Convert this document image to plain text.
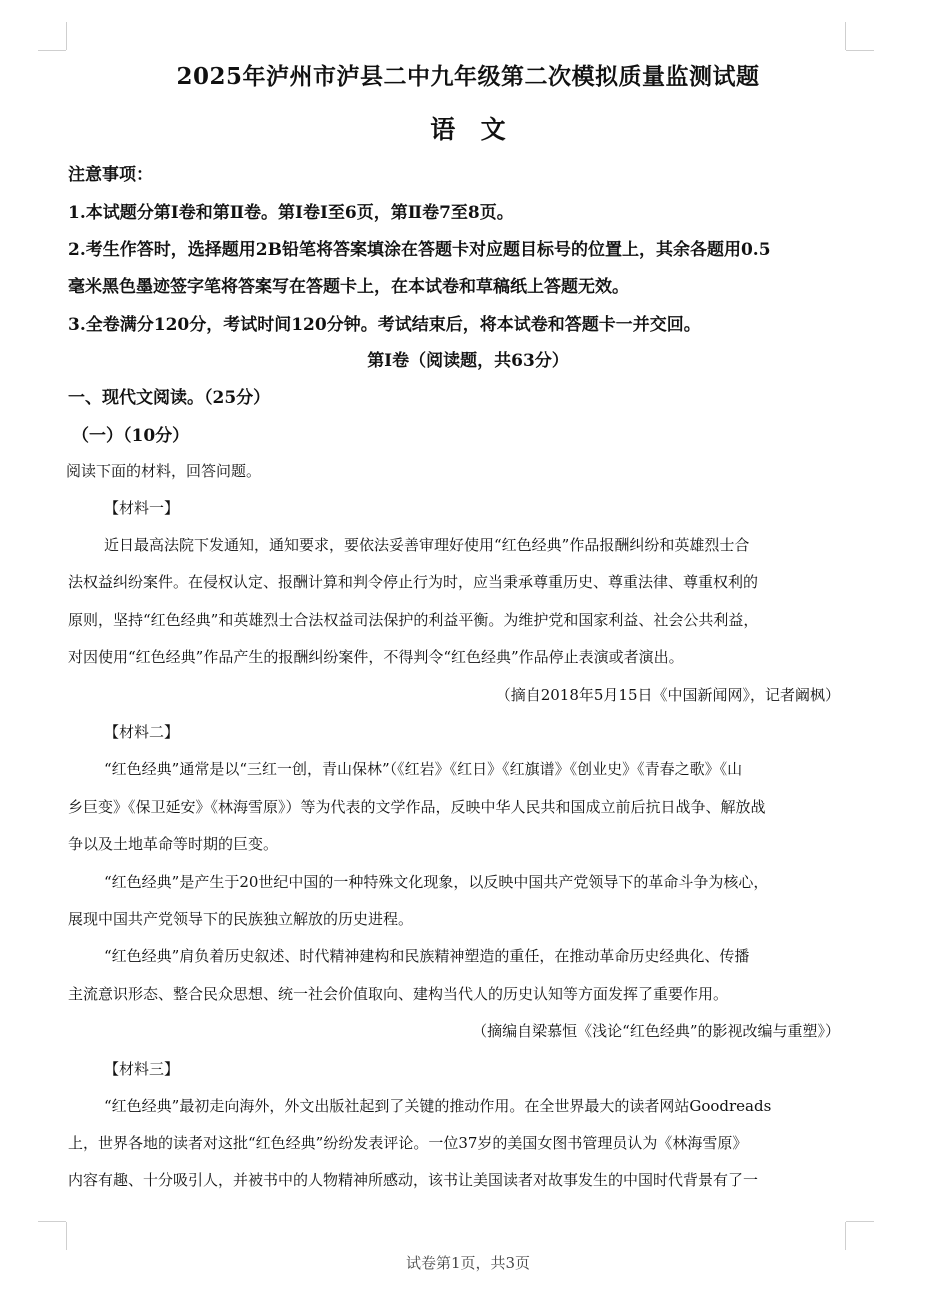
2025年泸州市泸县二中九年级第二次模拟质量监测试题
语　文
注意事项：
1.本试题分第Ⅰ卷和第Ⅱ卷。第Ⅰ卷Ⅰ至6页，第Ⅱ卷7至8页。
2.考生作答时，选择题用2B铅笔将答案填涂在答题卡对应题目标号的位置上，其余各题用0.5
毫米黑色墨迹签字笔将答案写在答题卡上，在本试卷和草稿纸上答题无效。
3.全卷满分120分，考试时间120分钟。考试结束后，将本试卷和答题卡一并交回。
第Ⅰ卷（阅读题，共63分）
一、现代文阅读。（25分）
（一）（10分）
阅读下面的材料，回答问题。
【材料一】
近日最高法院下发通知，通知要求，要依法妥善审理好使用“红色经典”作品报酬纠纷和英雄烈士合
法权益纠纷案件。在侵权认定、报酬计算和判令停止行为时，应当秉承尊重历史、尊重法律、尊重权利的
原则，坚持“红色经典”和英雄烈士合法权益司法保护的利益平衡。为维护党和国家利益、社会公共利益，
对因使用“红色经典”作品产生的报酬纠纷案件，不得判令“红色经典”作品停止表演或者演出。
（摘自2018年5月15日《中国新闻网》，记者阚枫）
【材料二】
“红色经典”通常是以“三红一创，青山保林”（《红岩》《红日》《红旗谱》《创业史》《青春之歌》《山
乡巨变》《保卫延安》《林海雪原》）等为代表的文学作品，反映中华人民共和国成立前后抗日战争、解放战
争以及土地革命等时期的巨变。
“红色经典”是产生于20世纪中国的一种特殊文化现象，以反映中国共产党领导下的革命斗争为核心，
展现中国共产党领导下的民族独立解放的历史进程。
“红色经典”肩负着历史叙述、时代精神建构和民族精神塑造的重任，在推动革命历史经典化、传播
主流意识形态、整合民众思想、统一社会价值取向、建构当代人的历史认知等方面发挥了重要作用。
（摘编自梁慕恒《浅论“红色经典”的影视改编与重塑》）
【材料三】
“红色经典”最初走向海外，外文出版社起到了关键的推动作用。在全世界最大的读者网站Goodreads
上，世界各地的读者对这批“红色经典”纷纷发表评论。一位37岁的美国女图书管理员认为《林海雪原》
内容有趣、十分吸引人，并被书中的人物精神所感动，该书让美国读者对故事发生的中国时代背景有了一
试卷第1页，共3页
